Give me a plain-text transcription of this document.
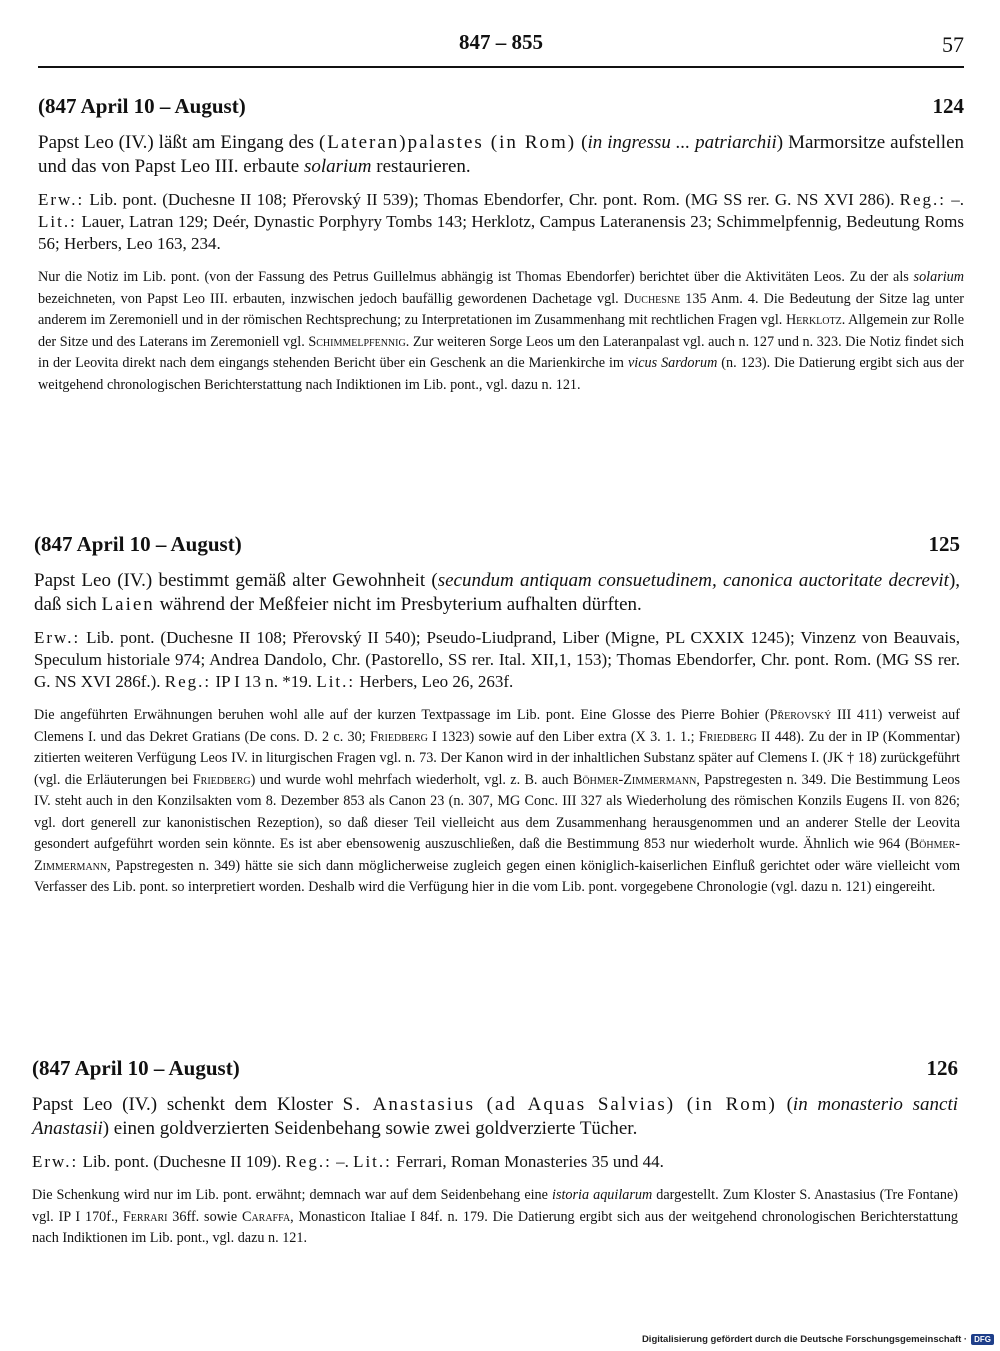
847 – 855	57
(847 April 10 – August)	124

Papst Leo (IV.) läßt am Eingang des (Lateran)palastes (in Rom) (in ingressu ... patriarchii) Marmorsitze aufstellen und das von Papst Leo III. erbaute solarium restaurieren.

Erw.: Lib. pont. (Duchesne II 108; Přerovský II 539); Thomas Ebendorfer, Chr. pont. Rom. (MG SS rer. G. NS XVI 286). Reg.: –. Lit.: Lauer, Latran 129; Deér, Dynastic Porphyry Tombs 143; Herklotz, Campus Lateranensis 23; Schimmelpfennig, Bedeutung Roms 56; Herbers, Leo 163, 234.

Nur die Notiz im Lib. pont. (von der Fassung des Petrus Guillelmus abhängig ist Thomas Ebendorfer) berichtet über die Aktivitäten Leos. Zu der als solarium bezeichneten, von Papst Leo III. erbauten, inzwischen jedoch baufällig gewordenen Dachetage vgl. Duchesne 135 Anm. 4. Die Bedeutung der Sitze lag unter anderem im Zeremoniell und in der römischen Rechtsprechung; zu Interpretationen im Zusammenhang mit rechtlichen Fragen vgl. Herklotz. Allgemein zur Rolle der Sitze und des Laterans im Zeremoniell vgl. Schimmelpfennig. Zur weiteren Sorge Leos um den Lateranpalast vgl. auch n. 127 und n. 323. Die Notiz findet sich in der Leovita direkt nach dem eingangs stehenden Bericht über ein Geschenk an die Marienkirche im vicus Sardorum (n. 123). Die Datierung ergibt sich aus der weitgehend chronologischen Berichterstattung nach Indiktionen im Lib. pont., vgl. dazu n. 121.

(847 April 10 – August)	125

Papst Leo (IV.) bestimmt gemäß alter Gewohnheit (secundum antiquam consuetudinem, canonica auctoritate decrevit), daß sich Laien während der Meßfeier nicht im Presbyterium aufhalten dürften.

Erw.: Lib. pont. (Duchesne II 108; Přerovský II 540); Pseudo-Liudprand, Liber (Migne, PL CXXIX 1245); Vinzenz von Beauvais, Speculum historiale 974; Andrea Dandolo, Chr. (Pastorello, SS rer. Ital. XII,1, 153); Thomas Ebendorfer, Chr. pont. Rom. (MG SS rer. G. NS XVI 286f.). Reg.: IP I 13 n. *19. Lit.: Herbers, Leo 26, 263f.

Die angeführten Erwähnungen beruhen wohl alle auf der kurzen Textpassage im Lib. pont. Eine Glosse des Pierre Bohier (Přerovský III 411) verweist auf Clemens I. und das Dekret Gratians (De cons. D. 2 c. 30; Friedberg I 1323) sowie auf den Liber extra (X 3. 1. 1.; Friedberg II 448). Zu der in IP (Kommentar) zitierten weiteren Verfügung Leos IV. in liturgischen Fragen vgl. n. 73. Der Kanon wird in der inhaltlichen Substanz später auf Clemens I. (JK † 18) zurückgeführt (vgl. die Erläuterungen bei Friedberg) und wurde wohl mehrfach wiederholt, vgl. z. B. auch Böhmer-Zimmermann, Papstregesten n. 349. Die Bestimmung Leos IV. steht auch in den Konzilsakten vom 8. Dezember 853 als Canon 23 (n. 307, MG Conc. III 327 als Wiederholung des römischen Konzils Eugens II. von 826; vgl. dort generell zur kanonistischen Rezeption), so daß dieser Teil vielleicht aus dem Zusammenhang herausgenommen und an anderer Stelle der Leovita gesondert aufgeführt worden sein könnte. Es ist aber ebensowenig auszuschließen, daß die Bestimmung 853 nur wiederholt wurde. Ähnlich wie 964 (Böhmer-Zimmermann, Papstregesten n. 349) hätte sie sich dann möglicherweise zugleich gegen einen königlich-kaiserlichen Einfluß gerichtet oder wäre vielleicht vom Verfasser des Lib. pont. so interpretiert worden. Deshalb wird die Verfügung hier in die vom Lib. pont. vorgegebene Chronologie (vgl. dazu n. 121) eingereiht.

(847 April 10 – August)	126

Papst Leo (IV.) schenkt dem Kloster S. Anastasius (ad Aquas Salvias) (in Rom) (in monasterio sancti Anastasii) einen goldverzierten Seidenbehang sowie zwei goldverzierte Tücher.

Erw.: Lib. pont. (Duchesne II 109). Reg.: –. Lit.: Ferrari, Roman Monasteries 35 und 44.

Die Schenkung wird nur im Lib. pont. erwähnt; demnach war auf dem Seidenbehang eine istoria aquilarum dargestellt. Zum Kloster S. Anastasius (Tre Fontane) vgl. IP I 170f., Ferrari 36ff. sowie Caraffa, Monasticon Italiae I 84f. n. 179. Die Datierung ergibt sich aus der weitgehend chronologischen Berichterstattung nach Indiktionen im Lib. pont., vgl. dazu n. 121.

Digitalisierung gefördert durch die Deutsche Forschungsgemeinschaft · DFG
